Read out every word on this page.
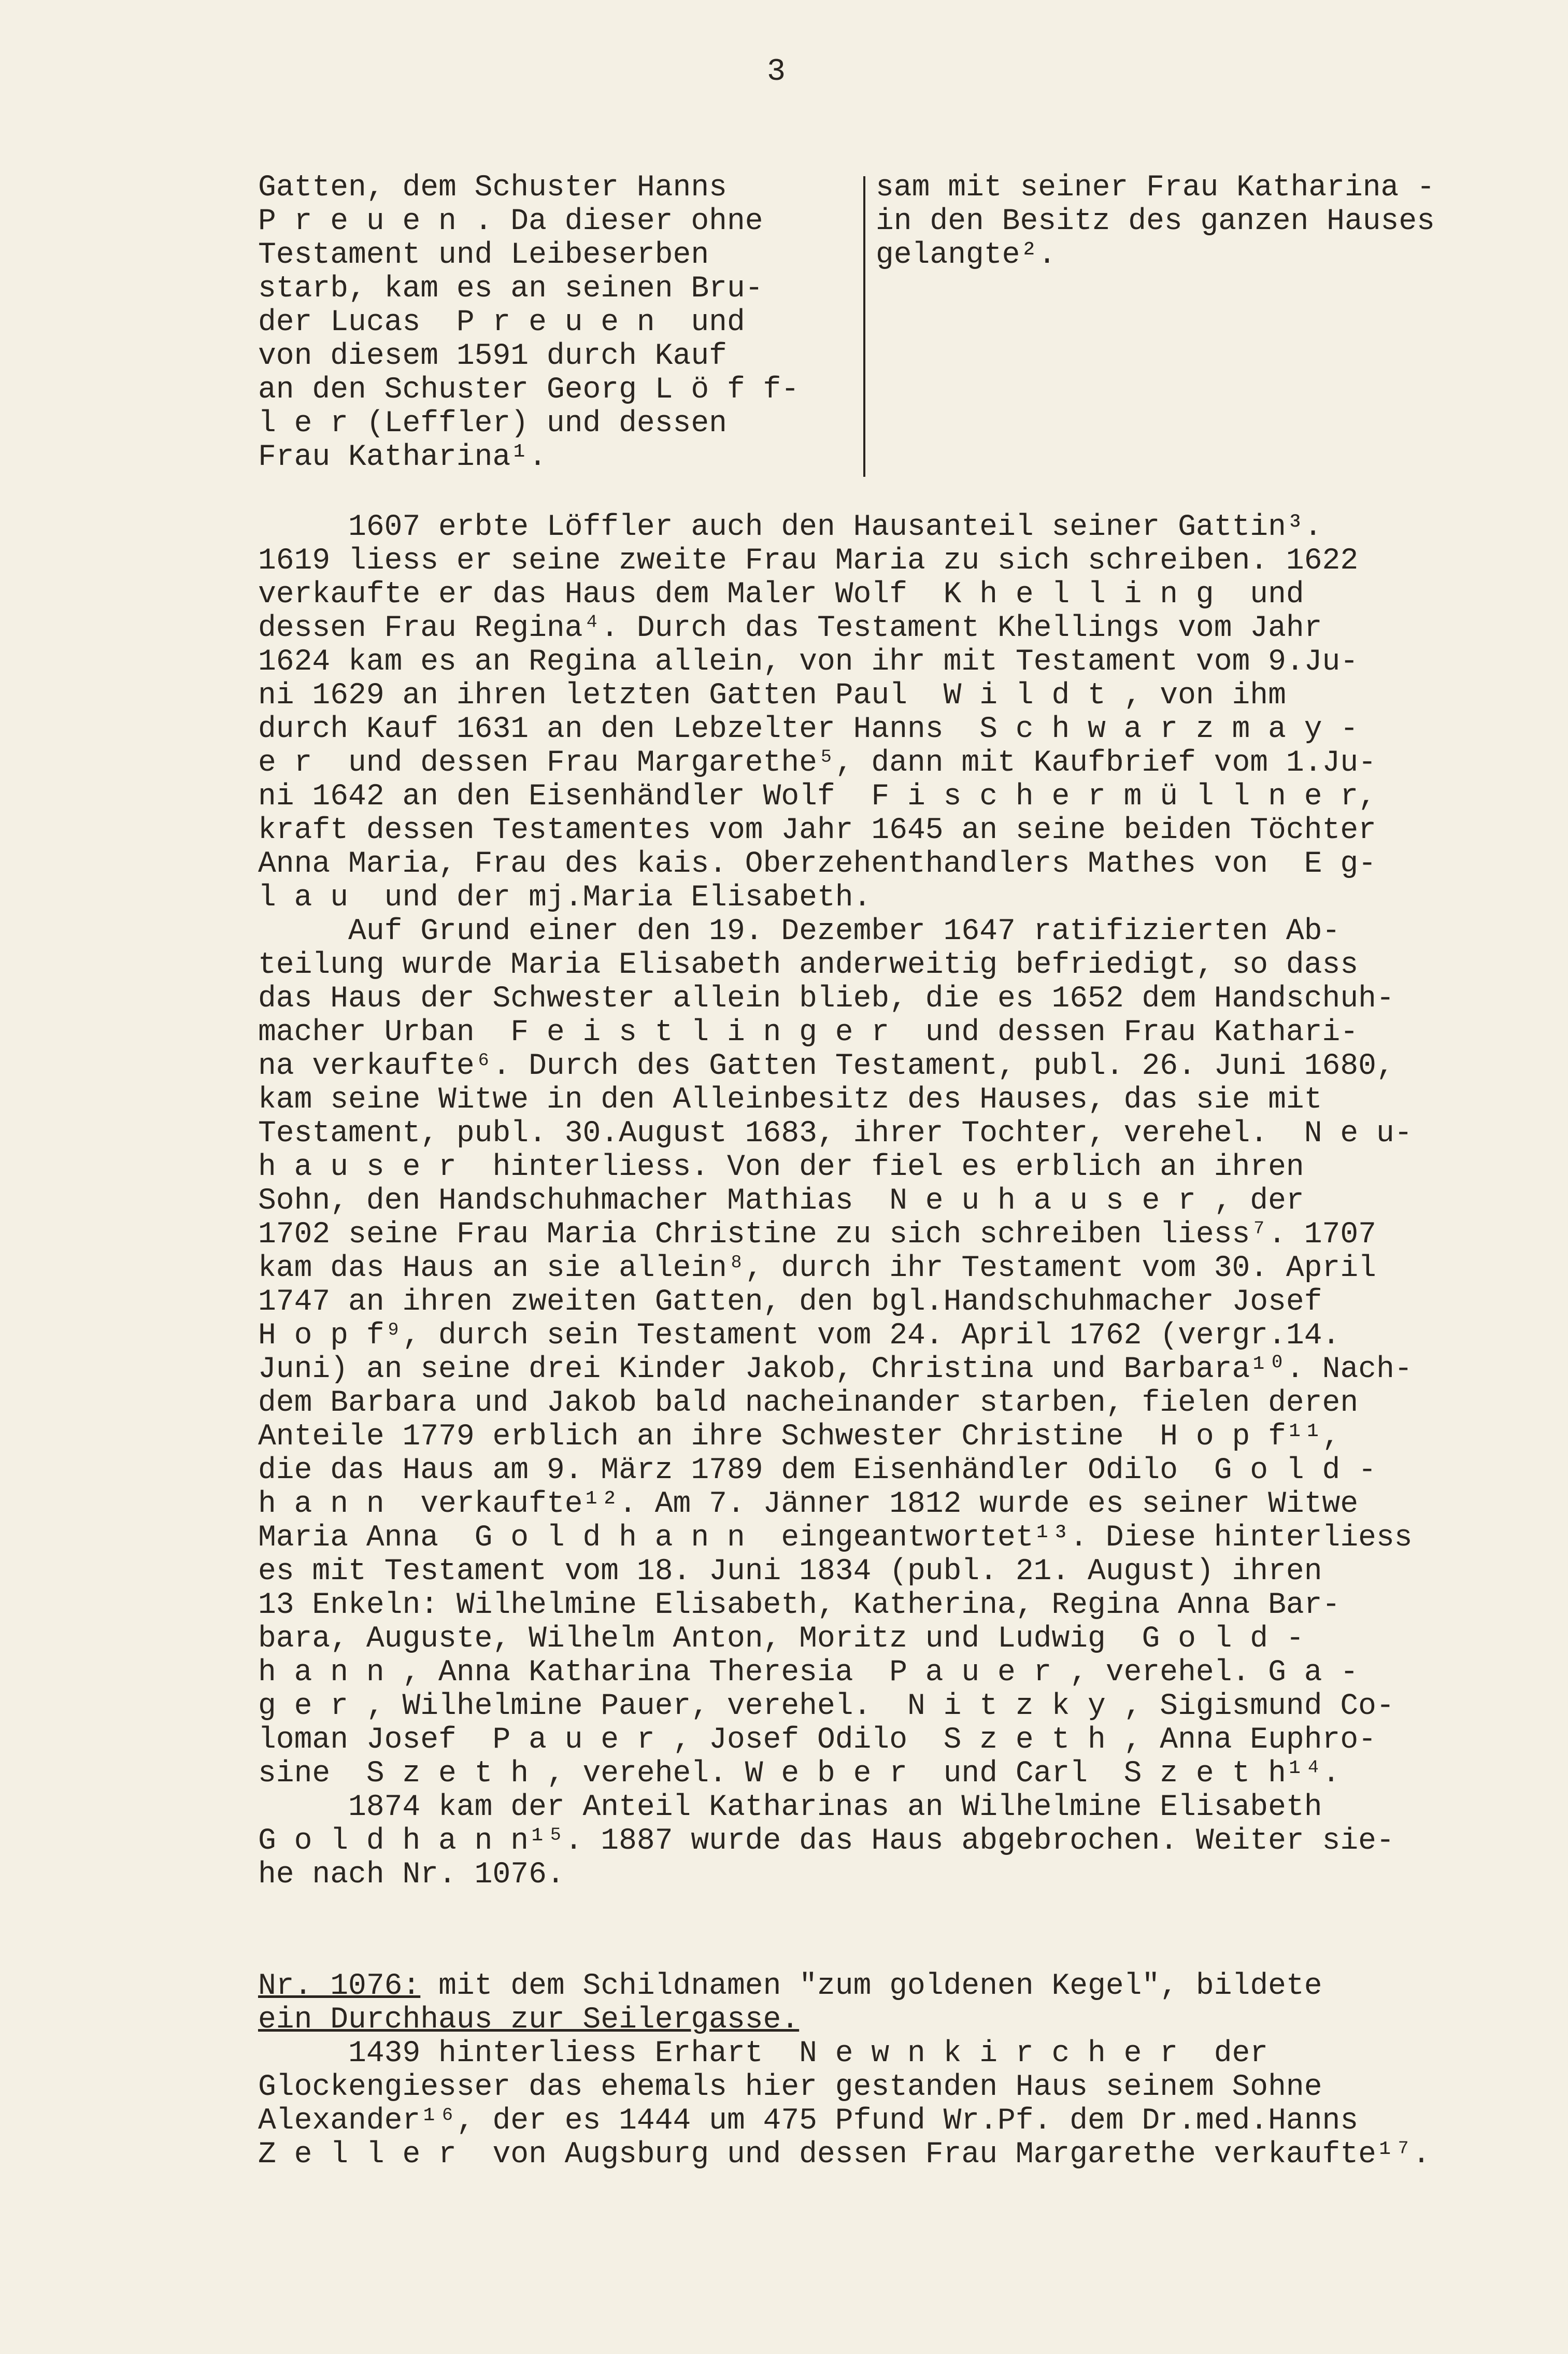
3
Gatten, dem Schuster Hanns
P r e u e n . Da dieser ohne
Testament und Leibeserben
starb, kam es an seinen Bru-
der Lucas  P r e u e n  und
von diesem 1591 durch Kauf
an den Schuster Georg L ö f f-
l e r (Leffler) und dessen
Frau Katharina¹.
sam mit seiner Frau Katharina -
in den Besitz des ganzen Hauses
gelangte².
1607 erbte Löffler auch den Hausanteil seiner Gattin³.
1619 liess er seine zweite Frau Maria zu sich schreiben. 1622
verkaufte er das Haus dem Maler Wolf  K h e l l i n g  und
dessen Frau Regina⁴. Durch das Testament Khellings vom Jahr
1624 kam es an Regina allein, von ihr mit Testament vom 9.Ju-
ni 1629 an ihren letzten Gatten Paul  W i l d t , von ihm
durch Kauf 1631 an den Lebzelter Hanns  S c h w a r z m a y -
e r  und dessen Frau Margarethe⁵, dann mit Kaufbrief vom 1.Ju-
ni 1642 an den Eisenhändler Wolf  F i s c h e r m ü l l n e r,
kraft dessen Testamentes vom Jahr 1645 an seine beiden Töchter
Anna Maria, Frau des kais. Oberzehenthandlers Mathes von  E g-
l a u  und der mj.Maria Elisabeth.
Auf Grund einer den 19. Dezember 1647 ratifizierten Ab-
teilung wurde Maria Elisabeth anderweitig befriedigt, so dass
das Haus der Schwester allein blieb, die es 1652 dem Handschuh-
macher Urban  F e i s t l i n g e r  und dessen Frau Kathari-
na verkaufte⁶. Durch des Gatten Testament, publ. 26. Juni 1680,
kam seine Witwe in den Alleinbesitz des Hauses, das sie mit
Testament, publ. 30.August 1683, ihrer Tochter, verehel.  N e u-
h a u s e r  hinterliess. Von der fiel es erblich an ihren
Sohn, den Handschuhmacher Mathias  N e u h a u s e r , der
1702 seine Frau Maria Christine zu sich schreiben liess⁷. 1707
kam das Haus an sie allein⁸, durch ihr Testament vom 30. April
1747 an ihren zweiten Gatten, den bgl.Handschuhmacher Josef
H o p f⁹, durch sein Testament vom 24. April 1762 (vergr.14.
Juni) an seine drei Kinder Jakob, Christina und Barbara¹⁰. Nach-
dem Barbara und Jakob bald nacheinander starben, fielen deren
Anteile 1779 erblich an ihre Schwester Christine  H o p f¹¹,
die das Haus am 9. März 1789 dem Eisenhändler Odilo  G o l d -
h a n n  verkaufte¹². Am 7. Jänner 1812 wurde es seiner Witwe
Maria Anna  G o l d h a n n  eingeantwortet¹³. Diese hinterliess
es mit Testament vom 18. Juni 1834 (publ. 21. August) ihren
13 Enkeln: Wilhelmine Elisabeth, Katherina, Regina Anna Bar-
bara, Auguste, Wilhelm Anton, Moritz und Ludwig  G o l d -
h a n n , Anna Katharina Theresia  P a u e r , verehel. G a -
g e r , Wilhelmine Pauer, verehel.  N i t z k y , Sigismund Co-
loman Josef  P a u e r , Josef Odilo  S z e t h , Anna Euphro-
sine  S z e t h , verehel. W e b e r  und Carl  S z e t h¹⁴.
1874 kam der Anteil Katharinas an Wilhelmine Elisabeth
G o l d h a n n¹⁵. 1887 wurde das Haus abgebrochen. Weiter sie-
he nach Nr. 1076.
Nr. 1076: mit dem Schildnamen "zum goldenen Kegel", bildete
ein Durchhaus zur Seilergasse.
1439 hinterliess Erhart  N e w n k i r c h e r  der
Glockengiesser das ehemals hier gestanden Haus seinem Sohne
Alexander¹⁶, der es 1444 um 475 Pfund Wr.Pf. dem Dr.med.Hanns
Z e l l e r  von Augsburg und dessen Frau Margarethe verkaufte¹⁷.
